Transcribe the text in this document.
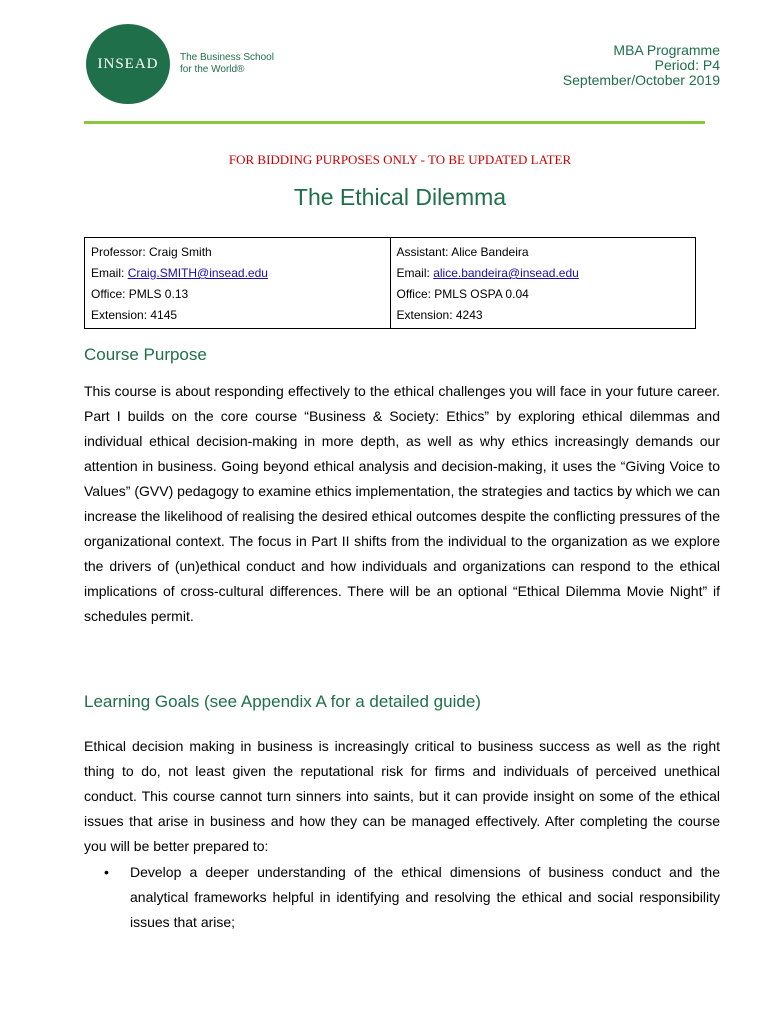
INSEAD The Business School
for the World®
MBA Programme
Period: P4
September/October 2019
FOR BIDDING PURPOSES ONLY - TO BE UPDATED LATER
The Ethical Dilemma
Professor: Craig Smith
Email: Craig.SMITH@insead.edu
Office: PMLS 0.13
Extension: 4145
Assistant: Alice Bandeira
Email: alice.bandeira@insead.edu
Office: PMLS OSPA 0.04
Extension: 4243
Course Purpose

This course is about responding effectively to the ethical challenges you will face in your future career. Part I builds on the core course “Business & Society: Ethics” by exploring ethical dilemmas and individual ethical decision-making in more depth, as well as why ethics increasingly demands our attention in business. Going beyond ethical analysis and decision-making, it uses the “Giving Voice to Values” (GVV) pedagogy to examine ethics implementation, the strategies and tactics by which we can increase the likelihood of realising the desired ethical outcomes despite the conflicting pressures of the organizational context. The focus in Part II shifts from the individual to the organization as we explore the drivers of (un)ethical conduct and how individuals and organizations can respond to the ethical implications of cross-cultural differences. There will be an optional “Ethical Dilemma Movie Night” if schedules permit.

Learning Goals (see Appendix A for a detailed guide)

Ethical decision making in business is increasingly critical to business success as well as the right thing to do, not least given the reputational risk for firms and individuals of perceived unethical conduct. This course cannot turn sinners into saints, but it can provide insight on some of the ethical issues that arise in business and how they can be managed effectively. After completing the course you will be better prepared to:

•	Develop a deeper understanding of the ethical dimensions of business conduct and the analytical frameworks helpful in identifying and resolving the ethical and social responsibility issues that arise;
